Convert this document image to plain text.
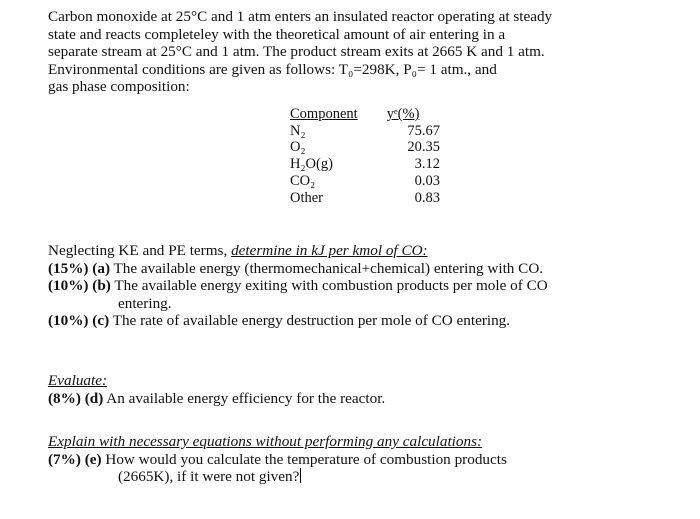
Carbon monoxide at 25°C and 1 atm enters an insulated reactor operating at steady

state and reacts completeley with the theoretical amount of air entering in a

separate stream at 25°C and 1 atm. The product stream exits at 2665 K and 1 atm.

Environmental conditions are given as follows: T₀=298K, P₀= 1 atm., and

gas phase composition:

Component	yᵉ(%)
N₂	75.67
O₂	20.35
H₂O(g)	3.12
CO₂	0.03
Other	0.83

Neglecting KE and PE terms, determine in kJ per kmol of CO:

(15%) (a) The available energy (thermomechanical+chemical) entering with CO.

(10%) (b) The available energy exiting with combustion products per mole of CO

entering.

(10%) (c) The rate of available energy destruction per mole of CO entering.

Evaluate:

(8%) (d) An available energy efficiency for the reactor.

Explain with necessary equations without performing any calculations:

(7%) (e) How would you calculate the temperature of combustion products

(2665K), if it were not given?
